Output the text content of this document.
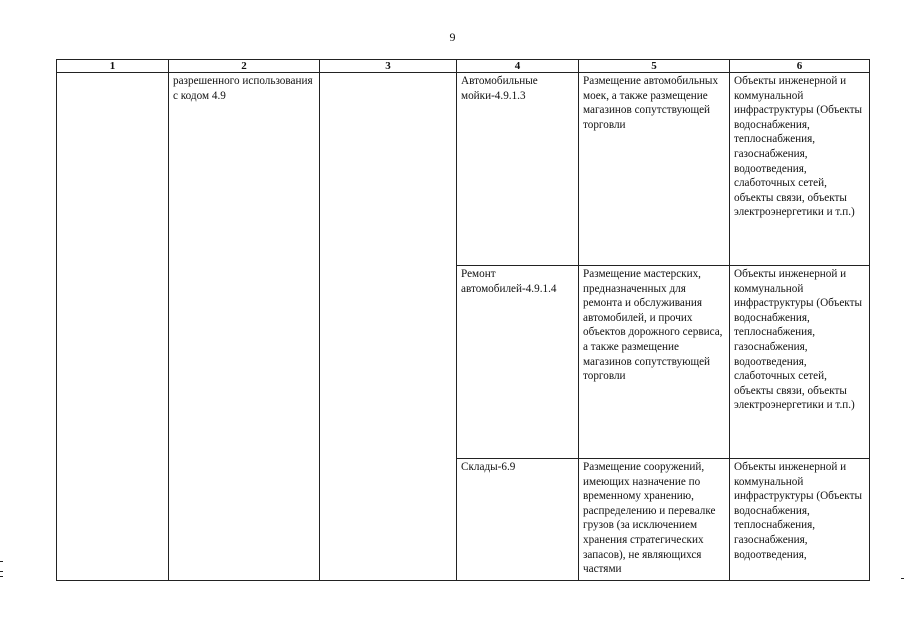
9
1	2	3	4	5	6
	разрешенного использования с кодом 4.9		Автомобильные мойки-4.9.1.3	Размещение автомобильных моек, а также размещение магазинов сопутствующей торговли	Объекты инженерной и коммунальной инфраструктуры (Объекты водоснабжения, теплоснабжения, газоснабжения, водоотведения, слаботочных сетей, объекты связи, объекты электроэнергетики и т.п.)
			Ремонт автомобилей-4.9.1.4	Размещение мастерских, предназначенных для ремонта и обслуживания автомобилей, и прочих объектов дорожного сервиса, а также размещение магазинов сопутствующей торговли	Объекты инженерной и коммунальной инфраструктуры (Объекты водоснабжения, теплоснабжения, газоснабжения, водоотведения, слаботочных сетей, объекты связи, объекты электроэнергетики и т.п.)
			Склады-6.9	Размещение сооружений, имеющих назначение по временному хранению, распределению и перевалке грузов (за исключением хранения стратегических запасов), не являющихся частями	Объекты инженерной и коммунальной инфраструктуры (Объекты водоснабжения, теплоснабжения, газоснабжения, водоотведения,
